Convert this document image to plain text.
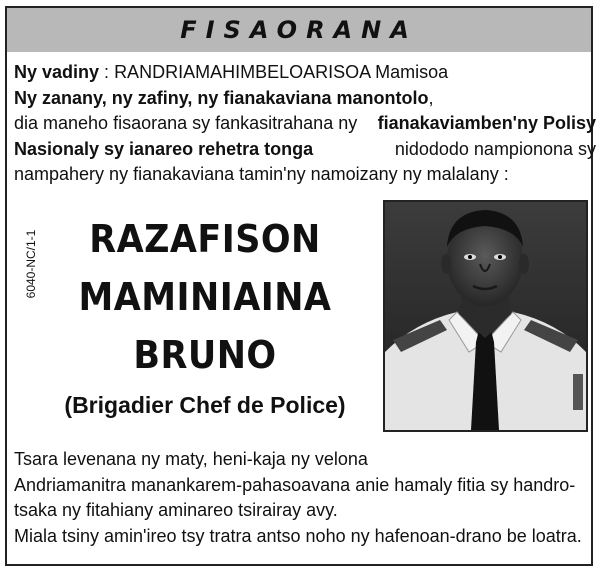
FISAORANA
Ny vadiny : RANDRIAMAHIMBELOARISOA Mamisoa
Ny zanany, ny zafiny, ny fianakaviana manontolo,
dia maneho fisaorana sy fankasitrahana ny fianakaviamben'ny Polisy
Nasionaly sy ianareo rehetra tonga	nidododo nampionona sy
nampahery ny fianakaviana tamin'ny namoizany ny malalany :
6040-NC/1-1	RAZAFISON
MAMINIAINA
BRUNO
(Brigadier Chef de Police)
Tsara levenana ny maty, heni-kaja ny velona
Andriamanitra manankarem-pahasoavana anie hamaly fitia sy handro-
tsaka ny fitahiany aminareo tsirairay avy.
Miala tsiny amin'ireo tsy tratra antso noho ny hafenoan-drano be loatra.
